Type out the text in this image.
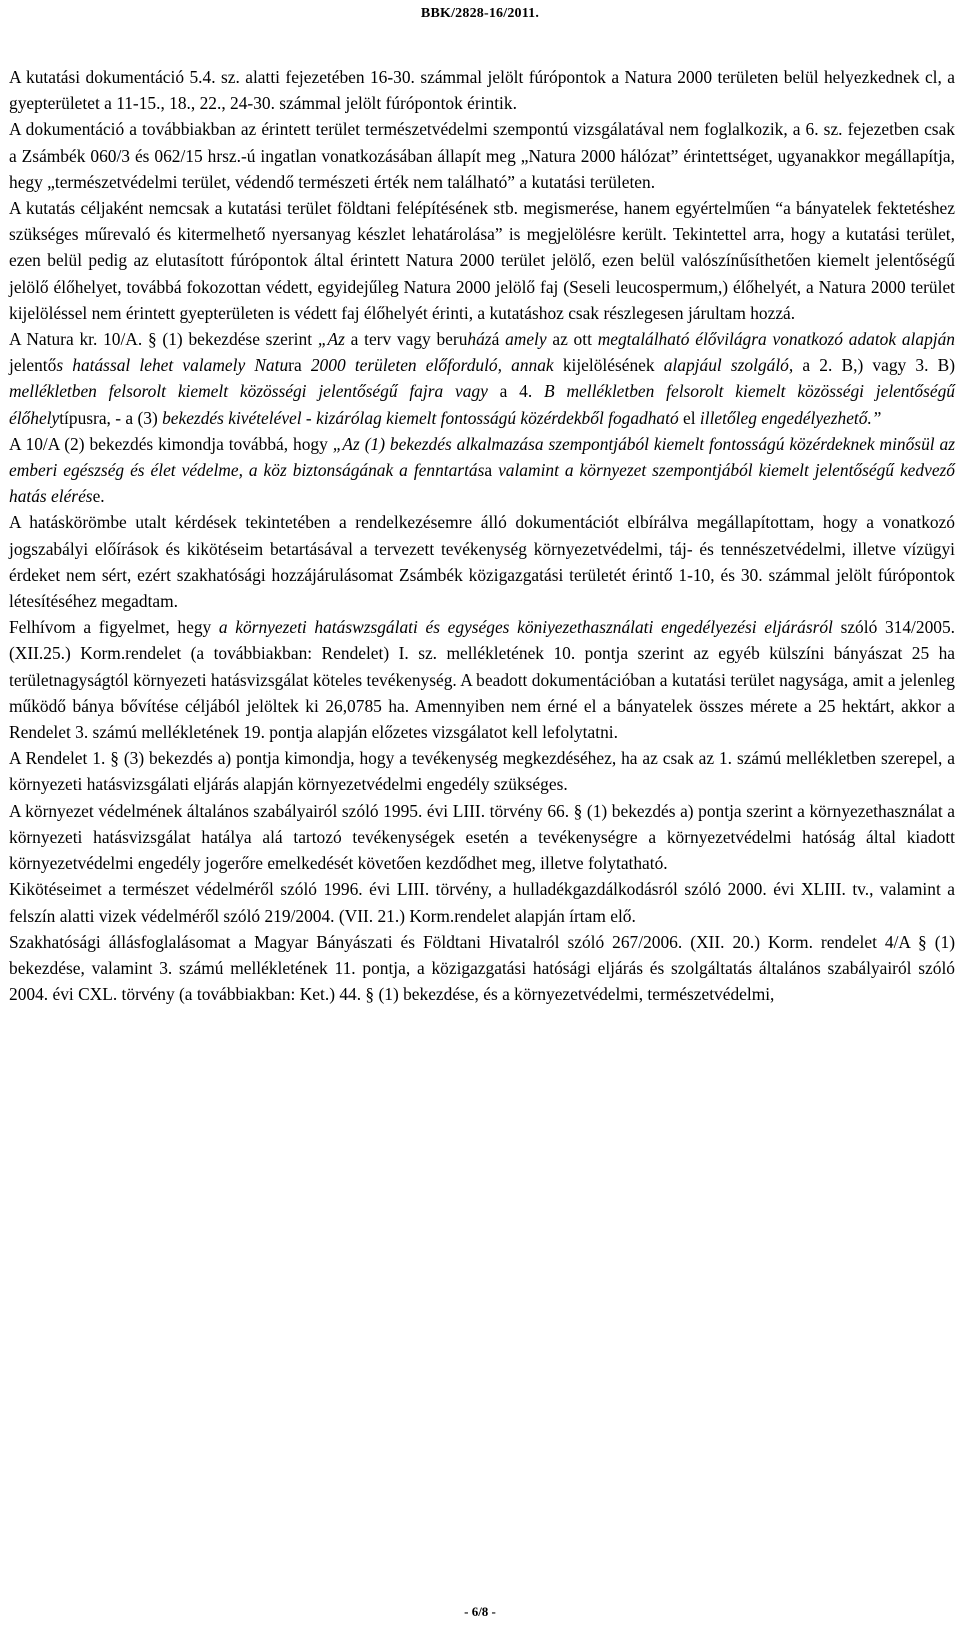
BBK/2828-16/2011.

A kutatási dokumentáció 5.4. sz. alatti fejezetében 16-30. számmal jelölt fúrópontok a Natura 2000 területen belül helyezkednek cl, a gyepterületet a 11-15., 18., 22., 24-30. számmal jelölt fúrópontok érintik.

A dokumentáció a továbbiakban az érintett terület természetvédelmi szempontú vizsgálatával nem foglalkozik, a 6. sz. fejezetben csak a Zsámbék 060/3 és 062/15 hrsz.-ú ingatlan vonatkozásában állapít meg „Natura 2000 hálózat” érintettséget, ugyanakkor megállapítja, hegy „természetvédelmi terület, védendő természeti érték nem található” a kutatási területen.

A kutatás céljaként nemcsak a kutatási terület földtani felépítésének stb. megismerése, hanem egyértelműen “a bányatelek fektetéshez szükséges műrevaló és kitermelhető nyersanyag készlet lehatárolása” is megjelölésre került. Tekintettel arra, hogy a kutatási terület, ezen belül pedig az elutasított fúrópontok által érintett Natura 2000 terület jelölő, ezen belül valószínűsíthetően kiemelt jelentőségű jelölő élőhelyet, továbbá fokozottan védett, egyidejűleg Natura 2000 jelölő faj (Seseli leucospermum,) élőhelyét, a Natura 2000 terület kijelöléssel nem érintett gyepterületen is védett faj élőhelyét érinti, a kutatáshoz csak részlegesen járultam hozzá.

A Natura kr. 10/A. § (1) bekezdése szerint „Az a terv vagy beruházá amely az ott megtalálható élővilágra vonatkozó adatok alapján jelentős hatással lehet valamely Natura 2000 területen előforduló, annak kijelölésének alapjául szolgáló, a 2. B,) vagy 3. B) mellékletben felsorolt kiemelt közösségi jelentőségű fajra vagy a 4. B mellékletben felsorolt kiemelt közösségi jelentőségű élőhelytípusra, - a (3) bekezdés kivételével - kizárólag kiemelt fontosságú közérdekből fogadható el illetőleg engedélyezhető.”

A 10/A (2) bekezdés kimondja továbbá, hogy „Az (1) bekezdés alkalmazása szempontjából kiemelt fontosságú közérdeknek minősül az emberi egészség és élet védelme, a köz biztonságának a fenntartása valamint a környezet szempontjából kiemelt jelentőségű kedvező hatás elérése.

A hatáskörömbe utalt kérdések tekintetében a rendelkezésemre álló dokumentációt elbírálva megállapítottam, hogy a vonatkozó jogszabályi előírások és kikötéseim betartásával a tervezett tevékenység környezetvédelmi, táj- és tennészetvédelmi, illetve vízügyi érdeket nem sért, ezért szakhatósági hozzájárulásomat Zsámbék közigazgatási területét érintő 1-10, és 30. számmal jelölt fúrópontok létesítéséhez megadtam.

Felhívom a figyelmet, hegy a környezeti hatáswzsgálati és egységes köniyezethasználati engedélyezési eljárásról szóló 314/2005. (XII.25.) Korm.rendelet (a továbbiakban: Rendelet) I. sz. mellékletének 10. pontja szerint az egyéb külszíni bányászat 25 ha területnagyságtól környezeti hatásvizsgálat köteles tevékenység. A beadott dokumentációban a kutatási terület nagysága, amit a jelenleg működő bánya bővítése céljából jelöltek ki 26,0785 ha. Amennyiben nem érné el a bányatelek összes mérete a 25 hektárt, akkor a Rendelet 3. számú mellékletének 19. pontja alapján előzetes vizsgálatot kell lefolytatni.

A Rendelet 1. § (3) bekezdés a) pontja kimondja, hogy a tevékenység megkezdéséhez, ha az csak az 1. számú mellékletben szerepel, a környezeti hatásvizsgálati eljárás alapján környezetvédelmi engedély szükséges.

A környezet védelmének általános szabályairól szóló 1995. évi LIII. törvény 66. § (1) bekezdés a) pontja szerint a környezethasználat a környezeti hatásvizsgálat hatálya alá tartozó tevékenységek esetén a tevékenységre a környezetvédelmi hatóság által kiadott környezetvédelmi engedély jogerőre emelkedését követően kezdődhet meg, illetve folytatható.

Kikötéseimet a természet védelméről szóló 1996. évi LIII. törvény, a hulladékgazdálkodásról szóló 2000. évi XLIII. tv., valamint a felszín alatti vizek védelméről szóló 219/2004. (VII. 21.) Korm.rendelet alapján írtam elő.

Szakhatósági állásfoglalásomat a Magyar Bányászati és Földtani Hivatalról szóló 267/2006. (XII. 20.) Korm. rendelet 4/A § (1) bekezdése, valamint 3. számú mellékletének 11. pontja, a közigazgatási hatósági eljárás és szolgáltatás általános szabályairól szóló 2004. évi CXL. törvény (a továbbiakban: Ket.) 44. § (1) bekezdése, és a környezetvédelmi, természetvédelmi,

- 6/8 -
